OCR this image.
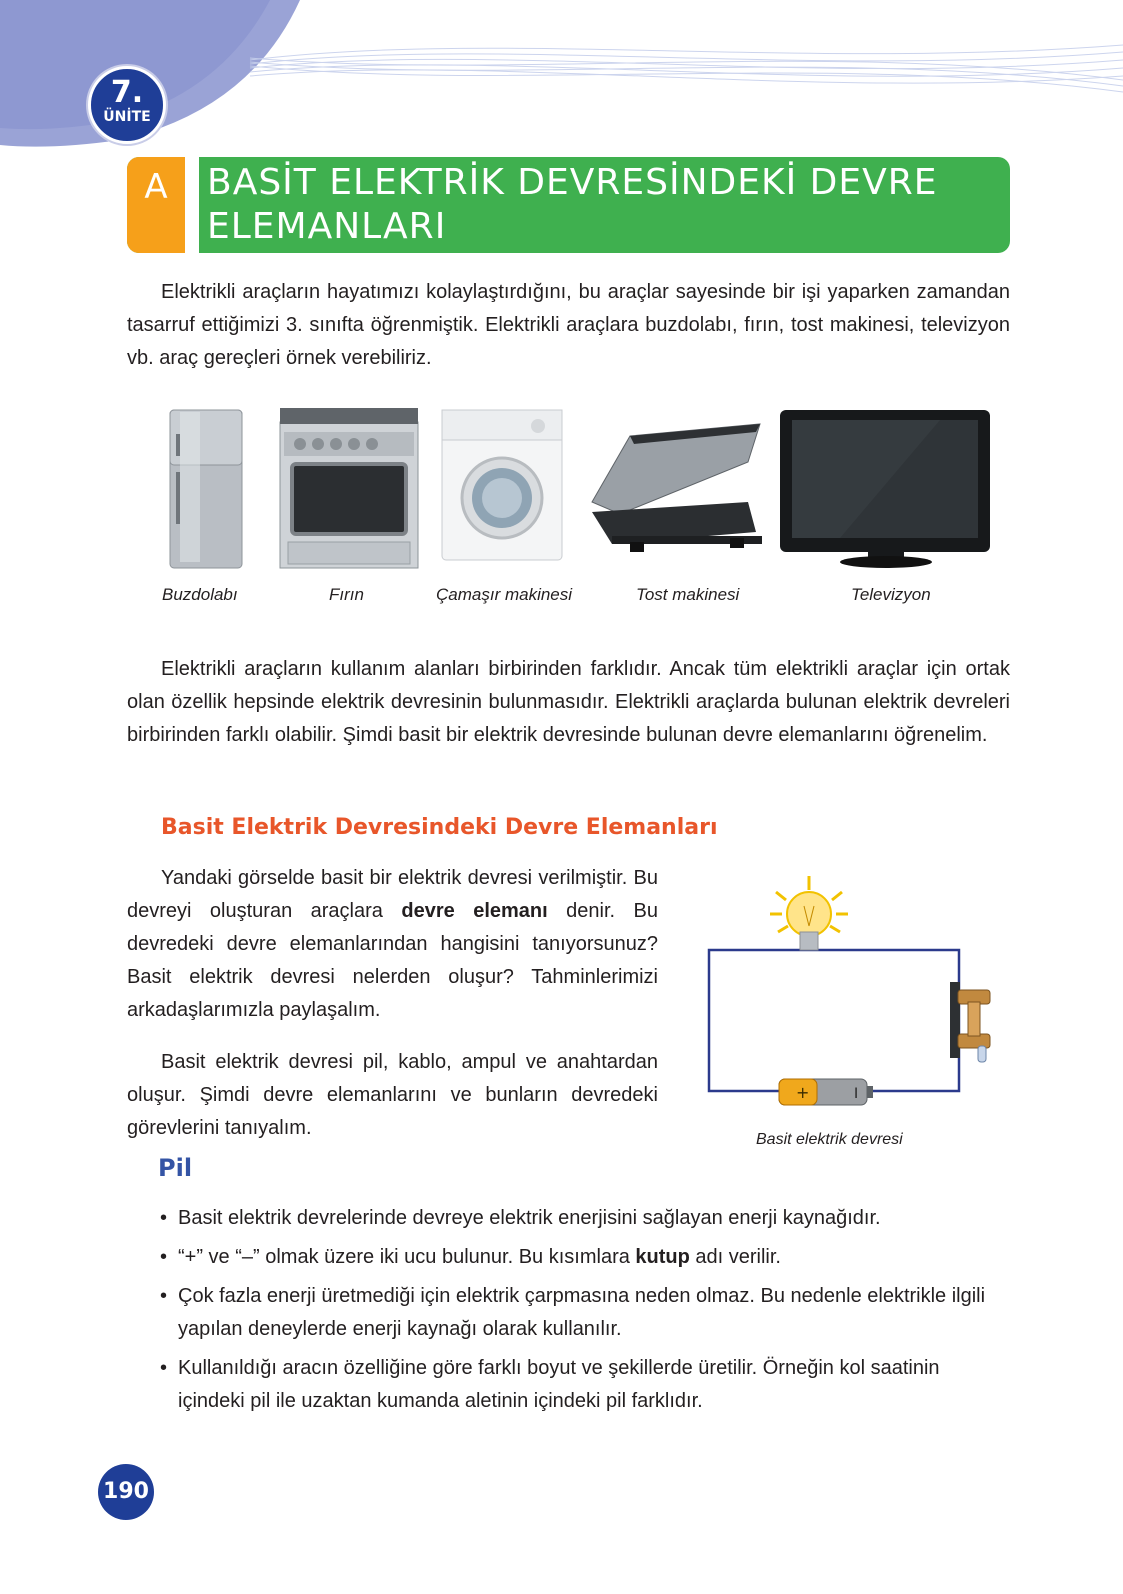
7.
ÜNİTE
A	BASİT ELEKTRİK DEVRESİNDEKİ DEVRE
ELEMANLARI

Elektrikli araçların hayatımızı kolaylaştırdığını, bu araçlar sayesinde bir işi yaparken zamandan tasarruf ettiğimizi 3. sınıfta öğrenmiştik. Elektrikli araçlara buzdolabı, fırın, tost makinesi, televizyon vb. araç gereçleri örnek verebiliriz.

Buzdolabı	Fırın	Çamaşır makinesi	Tost makinesi	Televizyon

Elektrikli araçların kullanım alanları birbirinden farklıdır. Ancak tüm elektrikli araçlar için ortak olan özellik hepsinde elektrik devresinin bulunmasıdır. Elektrikli araçlarda bulunan elektrik devreleri birbirinden farklı olabilir. Şimdi basit bir elektrik devresinde bulunan devre elemanlarını öğrenelim.

Basit Elektrik Devresindeki Devre Elemanları

Yandaki görselde basit bir elektrik devresi verilmiştir. Bu devreyi oluşturan araçlara devre elemanı denir. Bu devredeki devre elemanlarından hangisini tanıyorsunuz? Basit elektrik devresi nelerden oluşur? Tahminlerimizi arkadaşlarımızla paylaşalım.

Basit elektrik devresi pil, kablo, ampul ve anahtardan oluşur. Şimdi devre elemanlarını ve bunların devredeki görevlerini tanıyalım.

+	I
Basit elektrik devresi
Pil
• Basit elektrik devrelerinde devreye elektrik enerjisini sağlayan enerji kaynağıdır.
• “+” ve “–” olmak üzere iki ucu bulunur. Bu kısımlara kutup adı verilir.
• Çok fazla enerji üretmediği için elektrik çarpmasına neden olmaz. Bu nedenle elektrikle ilgili yapılan deneylerde enerji kaynağı olarak kullanılır.
• Kullanıldığı aracın özelliğine göre farklı boyut ve şekillerde üretilir. Örneğin kol saatinin içindeki pil ile uzaktan kumanda aletinin içindeki pil farklıdır.
190
